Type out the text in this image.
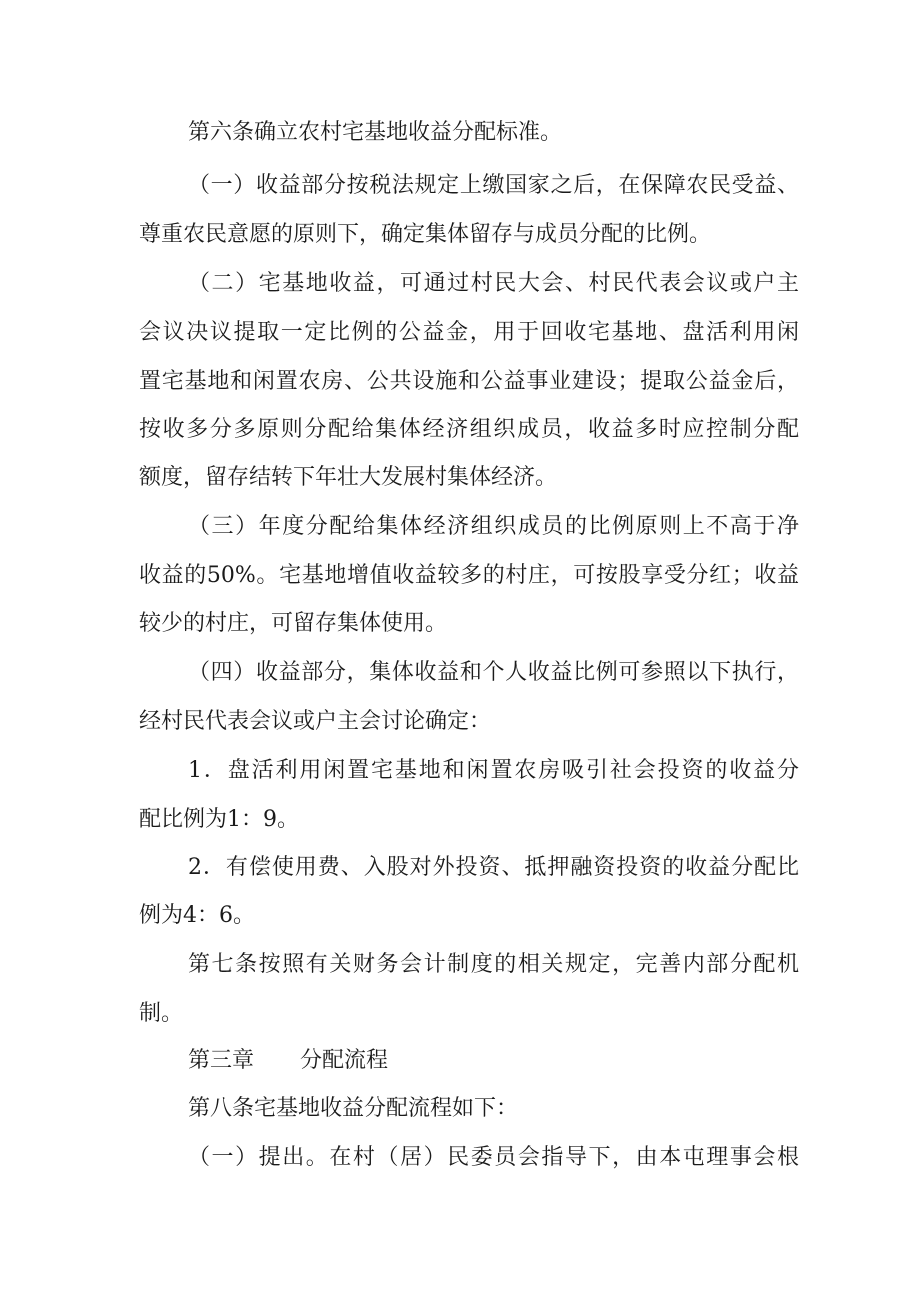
第六条确立农村宅基地收益分配标准。
（一）收益部分按税法规定上缴国家之后，在保障农民受益、
尊重农民意愿的原则下，确定集体留存与成员分配的比例。
（二）宅基地收益，可通过村民大会、村民代表会议或户主
会议决议提取一定比例的公益金，用于回收宅基地、盘活利用闲
置宅基地和闲置农房、公共设施和公益事业建设；提取公益金后，
按收多分多原则分配给集体经济组织成员，收益多时应控制分配
额度，留存结转下年壮大发展村集体经济。
（三）年度分配给集体经济组织成员的比例原则上不高于净
收益的50%。宅基地增值收益较多的村庄，可按股享受分红；收益
较少的村庄，可留存集体使用。
（四）收益部分，集体收益和个人收益比例可参照以下执行，
经村民代表会议或户主会讨论确定：
1．盘活利用闲置宅基地和闲置农房吸引社会投资的收益分
配比例为1：9。
2．有偿使用费、入股对外投资、抵押融资投资的收益分配比
例为4：6。
第七条按照有关财务会计制度的相关规定，完善内部分配机
制。
第三章 分配流程
第八条宅基地收益分配流程如下：
（一）提出。在村（居）民委员会指导下，由本屯理事会根
